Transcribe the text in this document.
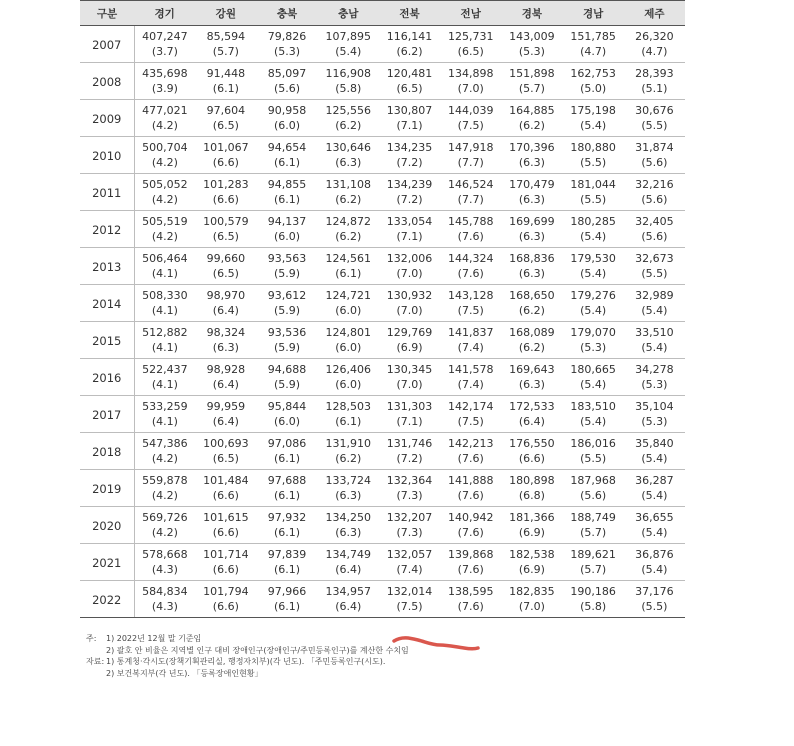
구분	경기	강원	충북	충남	전북	전남	경북	경남	제주
2007	407,247	85,594	79,826	107,895	116,141	125,731	143,009	151,785	26,320
	(3.7)	(5.7)	(5.3)	(5.4)	(6.2)	(6.5)	(5.3)	(4.7)	(4.7)
2008	435,698	91,448	85,097	116,908	120,481	134,898	151,898	162,753	28,393
	(3.9)	(6.1)	(5.6)	(5.8)	(6.5)	(7.0)	(5.7)	(5.0)	(5.1)
2009	477,021	97,604	90,958	125,556	130,807	144,039	164,885	175,198	30,676
	(4.2)	(6.5)	(6.0)	(6.2)	(7.1)	(7.5)	(6.2)	(5.4)	(5.5)
2010	500,704	101,067	94,654	130,646	134,235	147,918	170,396	180,880	31,874
	(4.2)	(6.6)	(6.1)	(6.3)	(7.2)	(7.7)	(6.3)	(5.5)	(5.6)
2011	505,052	101,283	94,855	131,108	134,239	146,524	170,479	181,044	32,216
	(4.2)	(6.6)	(6.1)	(6.2)	(7.2)	(7.7)	(6.3)	(5.5)	(5.6)
2012	505,519	100,579	94,137	124,872	133,054	145,788	169,699	180,285	32,405
	(4.2)	(6.5)	(6.0)	(6.2)	(7.1)	(7.6)	(6.3)	(5.4)	(5.6)
2013	506,464	99,660	93,563	124,561	132,006	144,324	168,836	179,530	32,673
	(4.1)	(6.5)	(5.9)	(6.1)	(7.0)	(7.6)	(6.3)	(5.4)	(5.5)
2014	508,330	98,970	93,612	124,721	130,932	143,128	168,650	179,276	32,989
	(4.1)	(6.4)	(5.9)	(6.0)	(7.0)	(7.5)	(6.2)	(5.4)	(5.4)
2015	512,882	98,324	93,536	124,801	129,769	141,837	168,089	179,070	33,510
	(4.1)	(6.3)	(5.9)	(6.0)	(6.9)	(7.4)	(6.2)	(5.3)	(5.4)
2016	522,437	98,928	94,688	126,406	130,345	141,578	169,643	180,665	34,278
	(4.1)	(6.4)	(5.9)	(6.0)	(7.0)	(7.4)	(6.3)	(5.4)	(5.3)
2017	533,259	99,959	95,844	128,503	131,303	142,174	172,533	183,510	35,104
	(4.1)	(6.4)	(6.0)	(6.1)	(7.1)	(7.5)	(6.4)	(5.4)	(5.3)
2018	547,386	100,693	97,086	131,910	131,746	142,213	176,550	186,016	35,840
	(4.2)	(6.5)	(6.1)	(6.2)	(7.2)	(7.6)	(6.6)	(5.5)	(5.4)
2019	559,878	101,484	97,688	133,724	132,364	141,888	180,898	187,968	36,287
	(4.2)	(6.6)	(6.1)	(6.3)	(7.3)	(7.6)	(6.8)	(5.6)	(5.4)
2020	569,726	101,615	97,932	134,250	132,207	140,942	181,366	188,749	36,655
	(4.2)	(6.6)	(6.1)	(6.3)	(7.3)	(7.6)	(6.9)	(5.7)	(5.4)
2021	578,668	101,714	97,839	134,749	132,057	139,868	182,538	189,621	36,876
	(4.3)	(6.6)	(6.1)	(6.4)	(7.4)	(7.6)	(6.9)	(5.7)	(5.4)
2022	584,834	101,794	97,966	134,957	132,014	138,595	182,835	190,186	37,176
	(4.3)	(6.6)	(6.1)	(6.4)	(7.5)	(7.6)	(7.0)	(5.8)	(5.5)
주: 1) 2022년 12월 말 기준임
2) 괄호 안 비율은 지역별 인구 대비 장애인구(장애인구/주민등록인구)를 계산한 수치임
자료: 1) 통계청·각시도(장책기획관리실, 행정자치부)(각 년도). 「주민등록인구(시도).
2) 보건복지부(각 년도). 「등록장애인현황」
